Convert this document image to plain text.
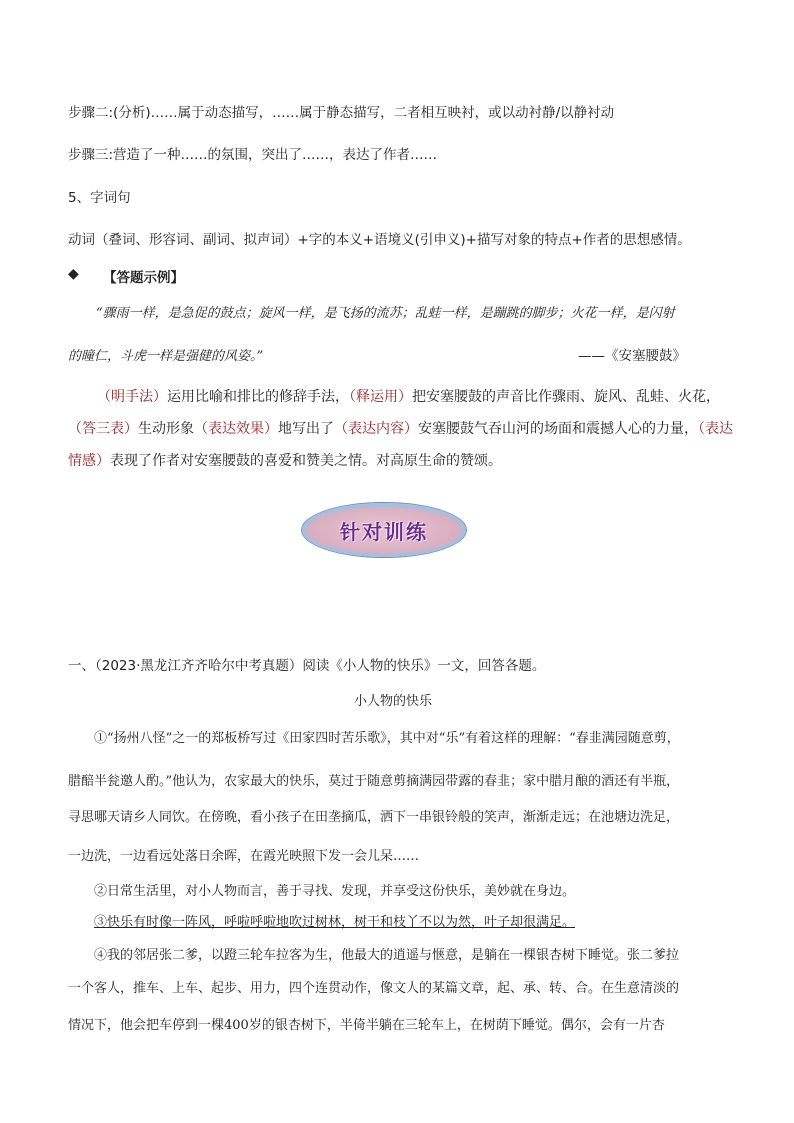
步骤二:(分析)……属于动态描写，……属于静态描写，二者相互映衬，或以动衬静/以静衬动
步骤三:营造了一种……的氛围，突出了……，表达了作者……
5、字词句
动词（叠词、形容词、副词、拟声词）+字的本义+语境义(引申义)+描写对象的特点+作者的思想感情。
◆ 【答题示例】
“骤雨一样，是急促的鼓点；旋风一样，是飞扬的流苏；乱蛙一样，是蹦跳的脚步；火花一样，是闪射
的瞳仁，斗虎一样是强健的风姿。”	——《安塞腰鼓》
（明手法）运用比喻和排比的修辞手法，（释运用）把安塞腰鼓的声音比作骤雨、旋风、乱蛙、火花，（答三表）生动形象（表达效果）地写出了（表达内容）安塞腰鼓气吞山河的场面和震撼人心的力量，（表达情感）表现了作者对安塞腰鼓的喜爱和赞美之情。对高原生命的赞颂。
针对训练
一、（2023·黑龙江齐齐哈尔中考真题）阅读《小人物的快乐》一文，回答各题。
小人物的快乐
①“扬州八怪”之一的郑板桥写过《田家四时苦乐歌》，其中对“乐”有着这样的理解：“春韭满园随意剪，
腊醅半瓮邀人酌。”他认为，农家最大的快乐，莫过于随意剪摘满园带露的春韭；家中腊月酿的酒还有半瓶，
寻思哪天请乡人同饮。在傍晚，看小孩子在田垄摘瓜，洒下一串银铃般的笑声，渐渐走远；在池塘边洗足，
一边洗，一边看远处落日余晖，在霞光映照下发一会儿呆……
②日常生活里，对小人物而言，善于寻找、发现，并享受这份快乐，美妙就在身边。
③快乐有时像一阵风，呼啦呼啦地吹过树林，树干和枝丫不以为然，叶子却很满足。
④我的邻居张二爹，以蹬三轮车拉客为生，他最大的逍遥与惬意，是躺在一棵银杏树下睡觉。张二爹拉
一个客人，推车、上车、起步、用力，四个连贯动作，像文人的某篇文章，起、承、转、合。在生意清淡的
情况下，他会把车停到一棵400岁的银杏树下，半倚半躺在三轮车上，在树荫下睡觉。偶尔，会有一片杏
